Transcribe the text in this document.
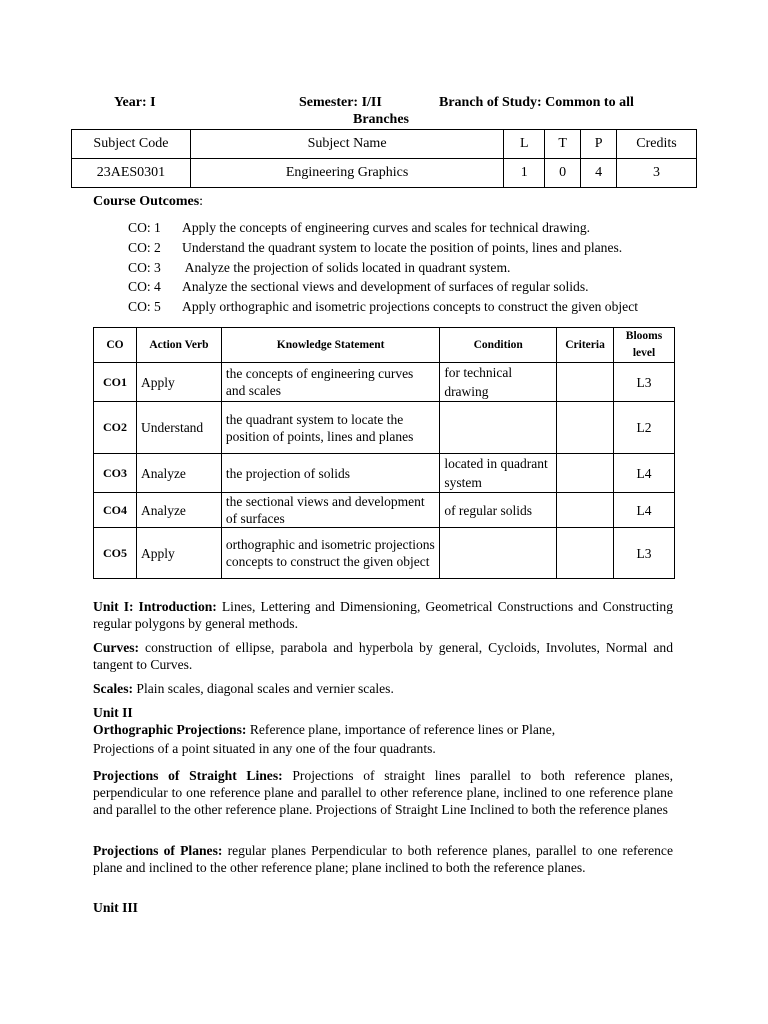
Year: I	Semester: I/II	Branch of Study: Common to all
Branches
Subject Code	Subject Name	L	T	P	Credits
23AES0301	Engineering Graphics	1	0	4	3
Course Outcomes:
CO: 1 Apply the concepts of engineering curves and scales for technical drawing.
CO: 2 Understand the quadrant system to locate the position of points, lines and planes.
CO: 3 Analyze the projection of solids located in quadrant system.
CO: 4 Analyze the sectional views and development of surfaces of regular solids.
CO: 5 Apply orthographic and isometric projections concepts to construct the given object
CO	Action Verb	Knowledge Statement	Condition	Criteria	Blooms level
CO1	Apply	the concepts of engineering curves and scales	for technical drawing		L3
CO2	Understand	the quadrant system to locate the position of points, lines and planes			L2
CO3	Analyze	the projection of solids	located in quadrant system		L4
CO4	Analyze	the sectional views and development of surfaces	of regular solids		L4
CO5	Apply	orthographic and isometric projections concepts to construct the given object			L3
Unit I: Introduction: Lines, Lettering and Dimensioning, Geometrical Constructions and Constructing regular polygons by general methods.
Curves: construction of ellipse, parabola and hyperbola by general, Cycloids, Involutes, Normal and tangent to Curves.
Scales: Plain scales, diagonal scales and vernier scales.
Unit II
Orthographic Projections: Reference plane, importance of reference lines or Plane,
Projections of a point situated in any one of the four quadrants.
Projections of Straight Lines: Projections of straight lines parallel to both reference planes, perpendicular to one reference plane and parallel to other reference plane, inclined to one reference plane and parallel to the other reference plane. Projections of Straight Line Inclined to both the reference planes
Projections of Planes: regular planes Perpendicular to both reference planes, parallel to one reference plane and inclined to the other reference plane; plane inclined to both the reference planes.
Unit III
